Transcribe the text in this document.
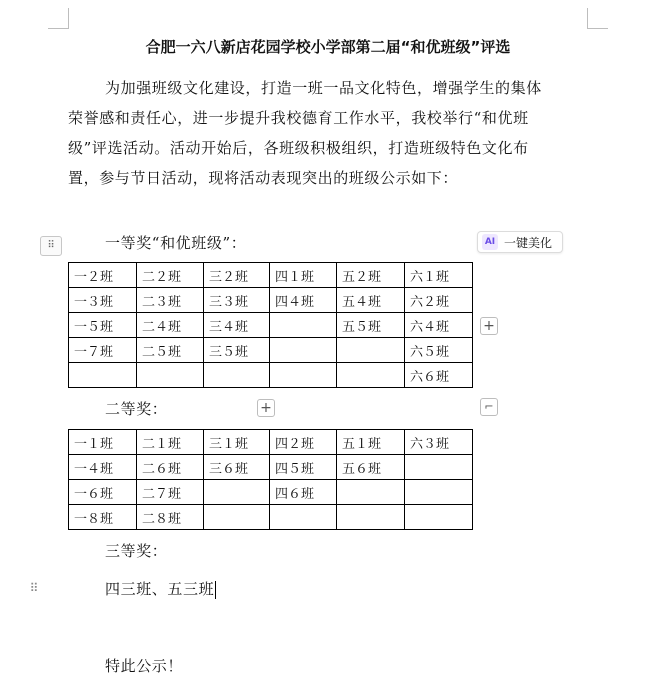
合肥一六八新店花园学校小学部第二届“和优班级”评选
为加强班级文化建设，打造一班一品文化特色，增强学生的集体
荣誉感和责任心，进一步提升我校德育工作水平，我校举行“和优班
级”评选活动。活动开始后，各班级积极组织，打造班级特色文化布
置，参与节日活动，现将活动表现突出的班级公示如下：
⠿	一等奖“和优班级”：	AI 一键美化
一２班	二２班	三２班	四１班	五２班	六１班
一３班	二３班	三３班	四４班	五４班	六２班
一５班	二４班	三４班		五５班	六４班
一７班	二５班	三５班			六５班
					六６班
+
二等奖：	+	⌐
一１班	二１班	三１班	四２班	五１班	六３班
一４班	二６班	三６班	四５班	五６班	
一６班	二７班		四６班		
一８班	二８班				
三等奖：
⠿	四三班、五三班
特此公示！
